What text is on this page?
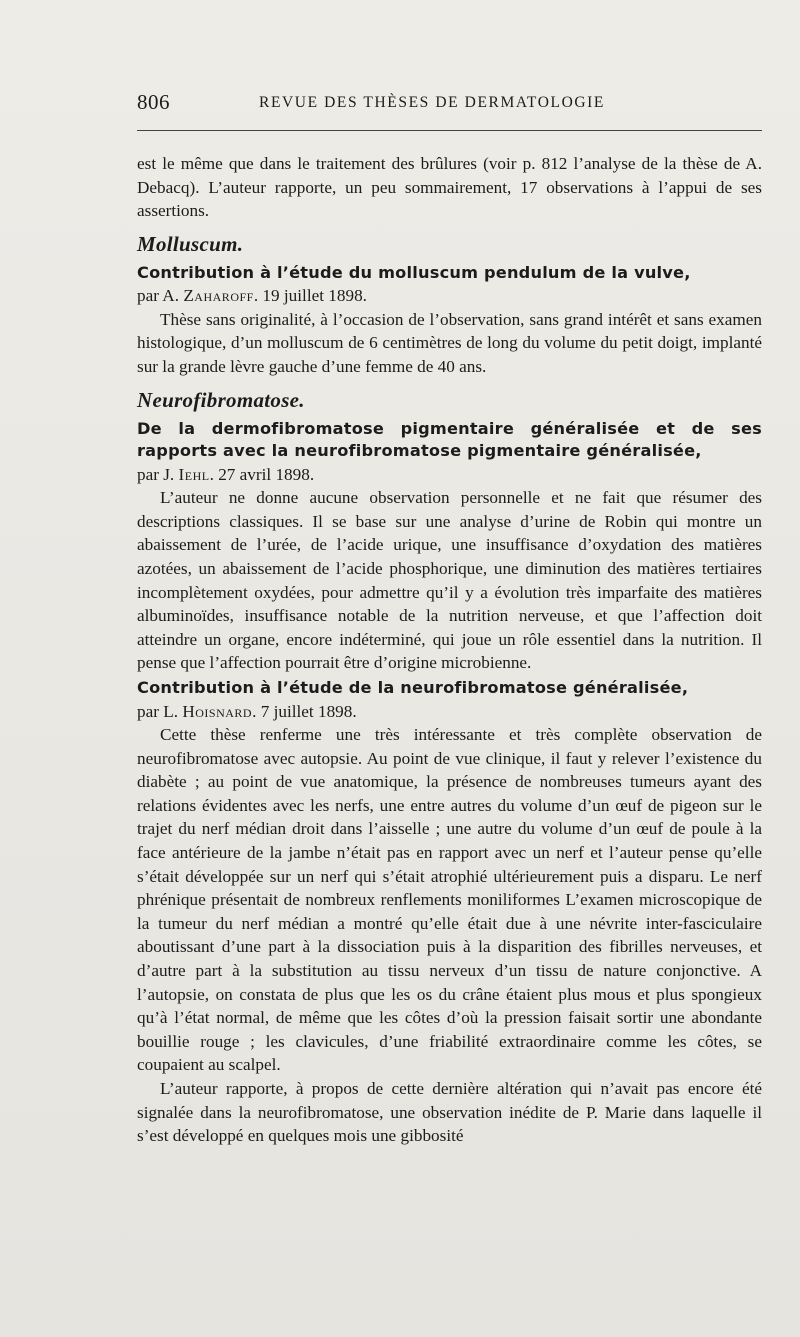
806	REVUE DES THÈSES DE DERMATOLOGIE

est le même que dans le traitement des brûlures (voir p. 812 l’analyse de la thèse de A. Debacq). L’auteur rapporte, un peu sommairement, 17 observations à l’appui de ses assertions.

Molluscum.
Contribution à l’étude du molluscum pendulum de la vulve,

par A. Zaharoff. 19 juillet 1898.

Thèse sans originalité, à l’occasion de l’observation, sans grand intérêt et sans examen histologique, d’un molluscum de 6 centimètres de long du volume du petit doigt, implanté sur la grande lèvre gauche d’une femme de 40 ans.

Neurofibromatose.
De la dermofibromatose pigmentaire généralisée et de ses rapports avec la neurofibromatose pigmentaire généralisée,

par J. Iehl. 27 avril 1898.

L’auteur ne donne aucune observation personnelle et ne fait que résumer des descriptions classiques. Il se base sur une analyse d’urine de Robin qui montre un abaissement de l’urée, de l’acide urique, une insuffisance d’oxydation des matières azotées, un abaissement de l’acide phosphorique, une diminution des matières tertiaires incomplètement oxydées, pour admettre qu’il y a évolution très imparfaite des matières albuminoïdes, insuffisance notable de la nutrition nerveuse, et que l’affection doit atteindre un organe, encore indéterminé, qui joue un rôle essentiel dans la nutrition. Il pense que l’affection pourrait être d’origine microbienne.

Contribution à l’étude de la neurofibromatose généralisée,

par L. Hoisnard. 7 juillet 1898.

Cette thèse renferme une très intéressante et très complète observation de neurofibromatose avec autopsie. Au point de vue clinique, il faut y relever l’existence du diabète ; au point de vue anatomique, la présence de nombreuses tumeurs ayant des relations évidentes avec les nerfs, une entre autres du volume d’un œuf de pigeon sur le trajet du nerf médian droit dans l’aisselle ; une autre du volume d’un œuf de poule à la face antérieure de la jambe n’était pas en rapport avec un nerf et l’auteur pense qu’elle s’était développée sur un nerf qui s’était atrophié ultérieurement puis a disparu. Le nerf phrénique présentait de nombreux renflements moniliformes L’examen microscopique de la tumeur du nerf médian a montré qu’elle était due à une névrite inter-fasciculaire aboutissant d’une part à la dissociation puis à la disparition des fibrilles nerveuses, et d’autre part à la substitution au tissu nerveux d’un tissu de nature conjonctive. A l’autopsie, on constata de plus que les os du crâne étaient plus mous et plus spongieux qu’à l’état normal, de même que les côtes d’où la pression faisait sortir une abondante bouillie rouge ; les clavicules, d’une friabilité extraordinaire comme les côtes, se coupaient au scalpel.

L’auteur rapporte, à propos de cette dernière altération qui n’avait pas encore été signalée dans la neurofibromatose, une observation inédite de P. Marie dans laquelle il s’est développé en quelques mois une gibbosité
